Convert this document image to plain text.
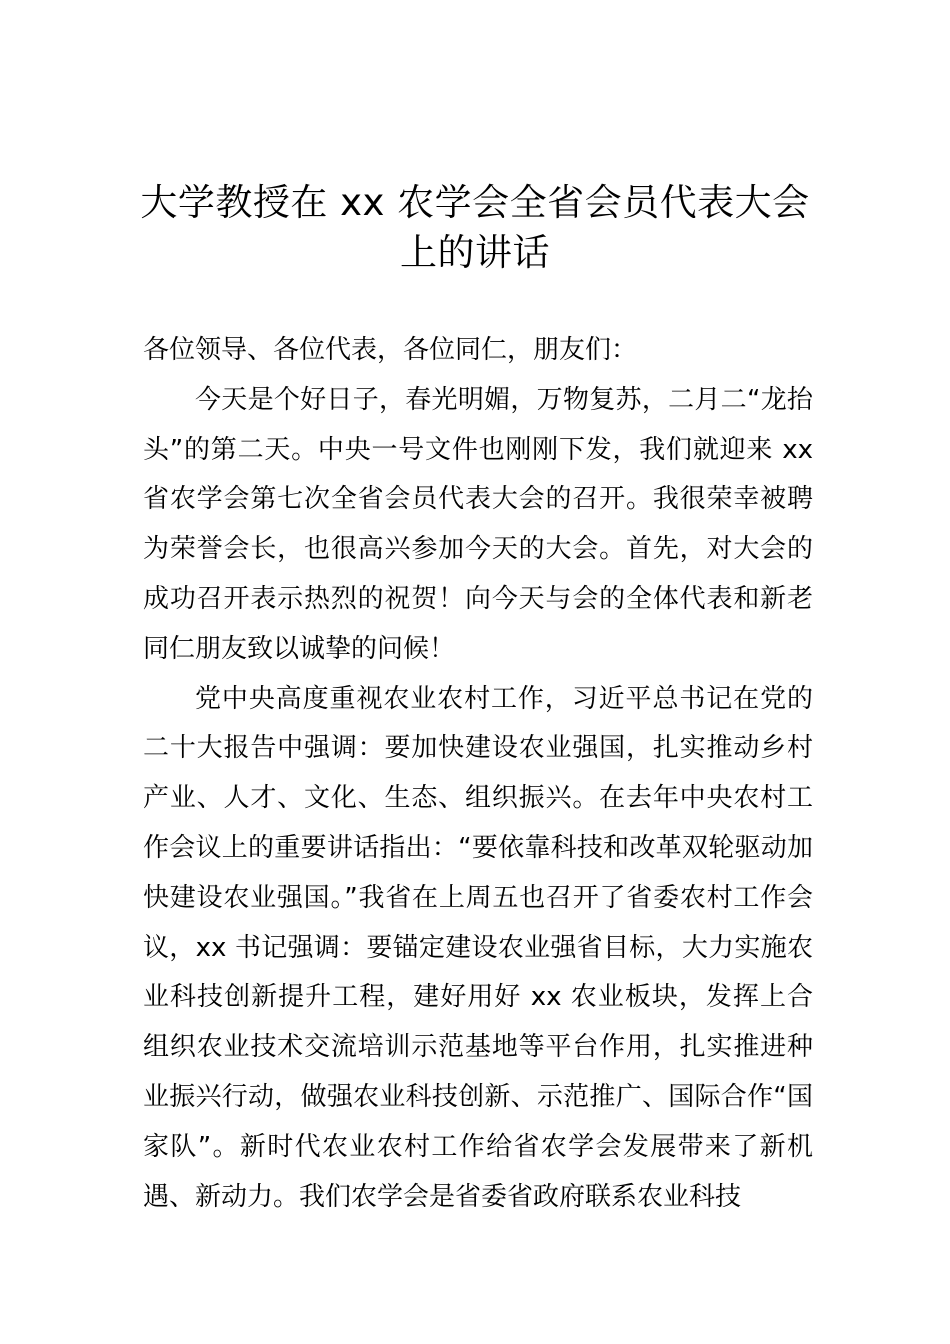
大学教授在 xx 农学会全省会员代表大会上的讲话

各位领导、各位代表，各位同仁，朋友们：

今天是个好日子，春光明媚，万物复苏，二月二“龙抬头”的第二天。中央一号文件也刚刚下发，我们就迎来 xx 省农学会第七次全省会员代表大会的召开。我很荣幸被聘为荣誉会长，也很高兴参加今天的大会。首先，对大会的成功召开表示热烈的祝贺！向今天与会的全体代表和新老同仁朋友致以诚挚的问候！

党中央高度重视农业农村工作，习近平总书记在党的二十大报告中强调：要加快建设农业强国，扎实推动乡村产业、人才、文化、生态、组织振兴。在去年中央农村工作会议上的重要讲话指出：“要依靠科技和改革双轮驱动加快建设农业强国。”我省在上周五也召开了省委农村工作会议，xx 书记强调：要锚定建设农业强省目标，大力实施农业科技创新提升工程，建好用好 xx 农业板块，发挥上合组织农业技术交流培训示范基地等平台作用，扎实推进种业振兴行动，做强农业科技创新、示范推广、国际合作“国家队”。新时代农业农村工作给省农学会发展带来了新机遇、新动力。我们农学会是省委省政府联系农业科技
